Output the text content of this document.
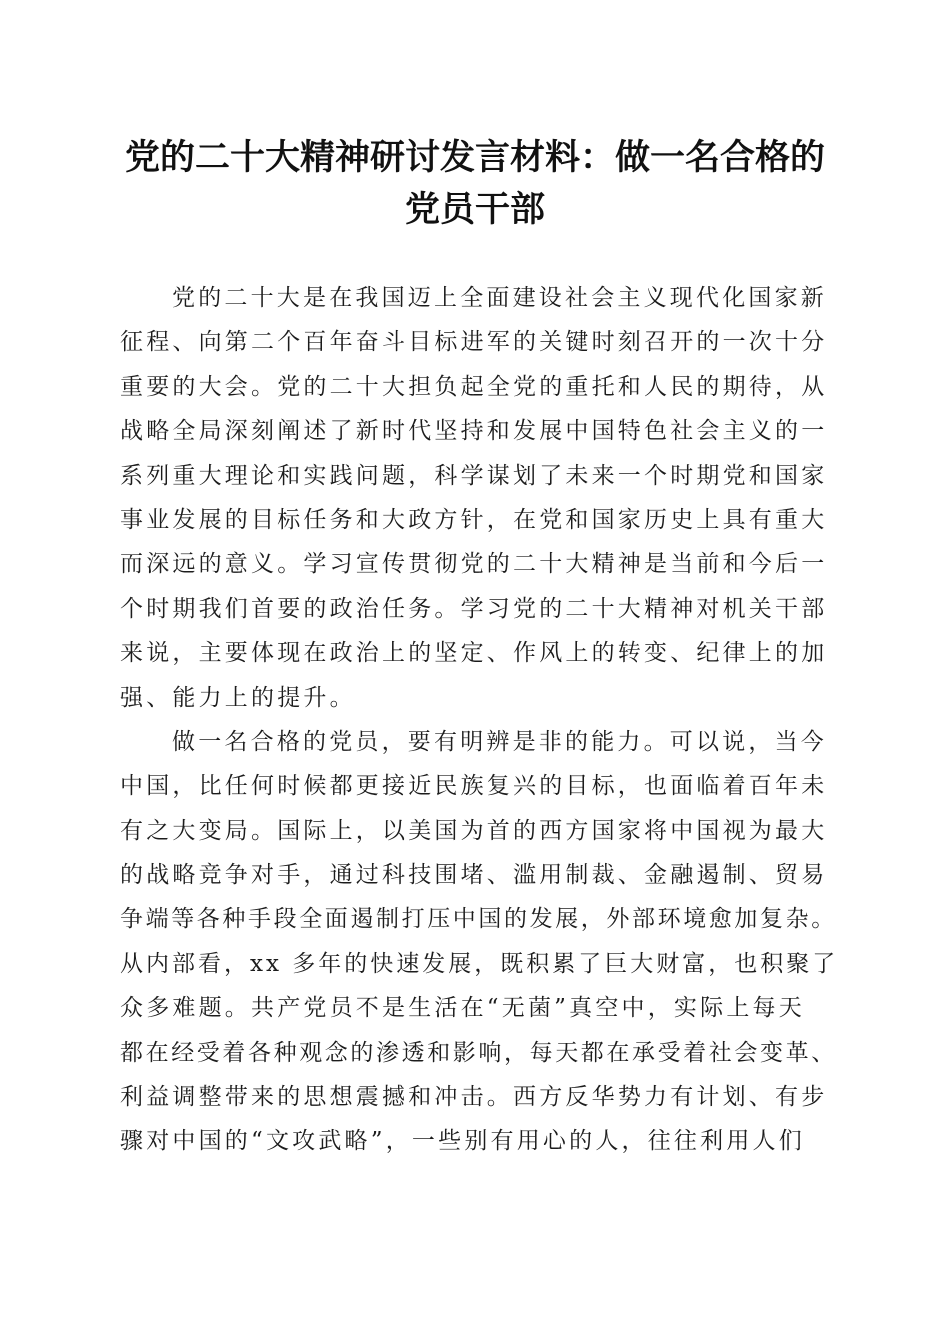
党的二十大精神研讨发言材料：做一名合格的
党员干部
党的二十大是在我国迈上全面建设社会主义现代化国家新
征程、向第二个百年奋斗目标进军的关键时刻召开的一次十分
重要的大会。党的二十大担负起全党的重托和人民的期待，从
战略全局深刻阐述了新时代坚持和发展中国特色社会主义的一
系列重大理论和实践问题，科学谋划了未来一个时期党和国家
事业发展的目标任务和大政方针，在党和国家历史上具有重大
而深远的意义。学习宣传贯彻党的二十大精神是当前和今后一
个时期我们首要的政治任务。学习党的二十大精神对机关干部
来说，主要体现在政治上的坚定、作风上的转变、纪律上的加
强、能力上的提升。
做一名合格的党员，要有明辨是非的能力。可以说，当今
中国，比任何时候都更接近民族复兴的目标，也面临着百年未
有之大变局。国际上，以美国为首的西方国家将中国视为最大
的战略竞争对手，通过科技围堵、滥用制裁、金融遏制、贸易
争端等各种手段全面遏制打压中国的发展，外部环境愈加复杂。
从内部看，xx 多年的快速发展，既积累了巨大财富，也积聚了
众多难题。共产党员不是生活在“无菌”真空中，实际上每天
都在经受着各种观念的渗透和影响，每天都在承受着社会变革、
利益调整带来的思想震撼和冲击。西方反华势力有计划、有步
骤对中国的“文攻武略”，一些别有用心的人，往往利用人们
